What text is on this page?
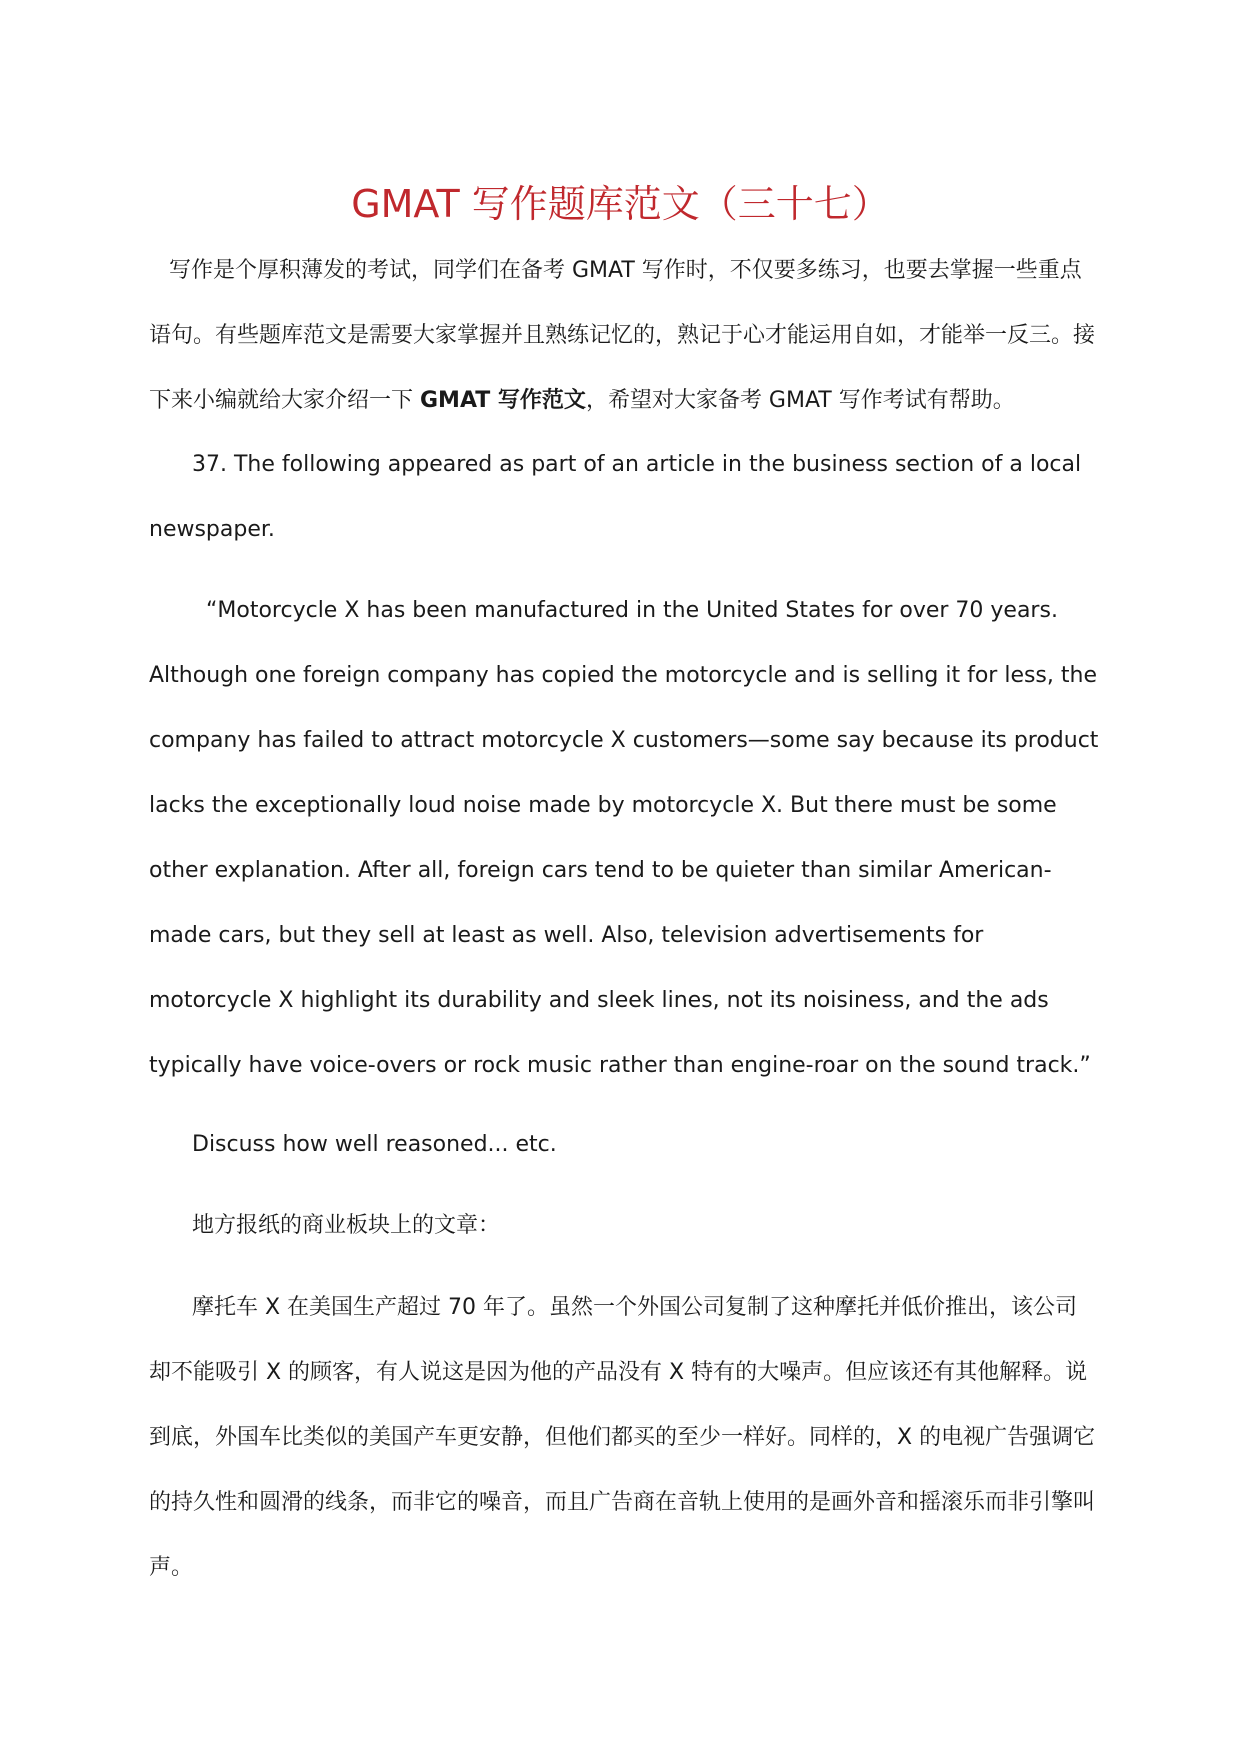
GMAT 写作题库范文（三十七）

写作是个厚积薄发的考试，同学们在备考 GMAT 写作时，不仅要多练习，也要去掌握一些重点语句。有些题库范文是需要大家掌握并且熟练记忆的，熟记于心才能运用自如，才能举一反三。接下来小编就给大家介绍一下 GMAT 写作范文，希望对大家备考 GMAT 写作考试有帮助。

37. The following appeared as part of an article in the business section of a local newspaper.

“Motorcycle X has been manufactured in the United States for over 70 years. Although one foreign company has copied the motorcycle and is selling it for less, the company has failed to attract motorcycle X customers—some say because its product lacks the exceptionally loud noise made by motorcycle X. But there must be some other explanation. After all, foreign cars tend to be quieter than similar American-made cars, but they sell at least as well. Also, television advertisements for motorcycle X highlight its durability and sleek lines, not its noisiness, and the ads typically have voice-overs or rock music rather than engine-roar on the sound track.”

Discuss how well reasoned... etc.

地方报纸的商业板块上的文章：

摩托车 X 在美国生产超过 70 年了。虽然一个外国公司复制了这种摩托并低价推出，该公司却不能吸引 X 的顾客，有人说这是因为他的产品没有 X 特有的大噪声。但应该还有其他解释。说到底，外国车比类似的美国产车更安静，但他们都买的至少一样好。同样的，X 的电视广告强调它的持久性和圆滑的线条，而非它的噪音，而且广告商在音轨上使用的是画外音和摇滚乐而非引擎叫声。
